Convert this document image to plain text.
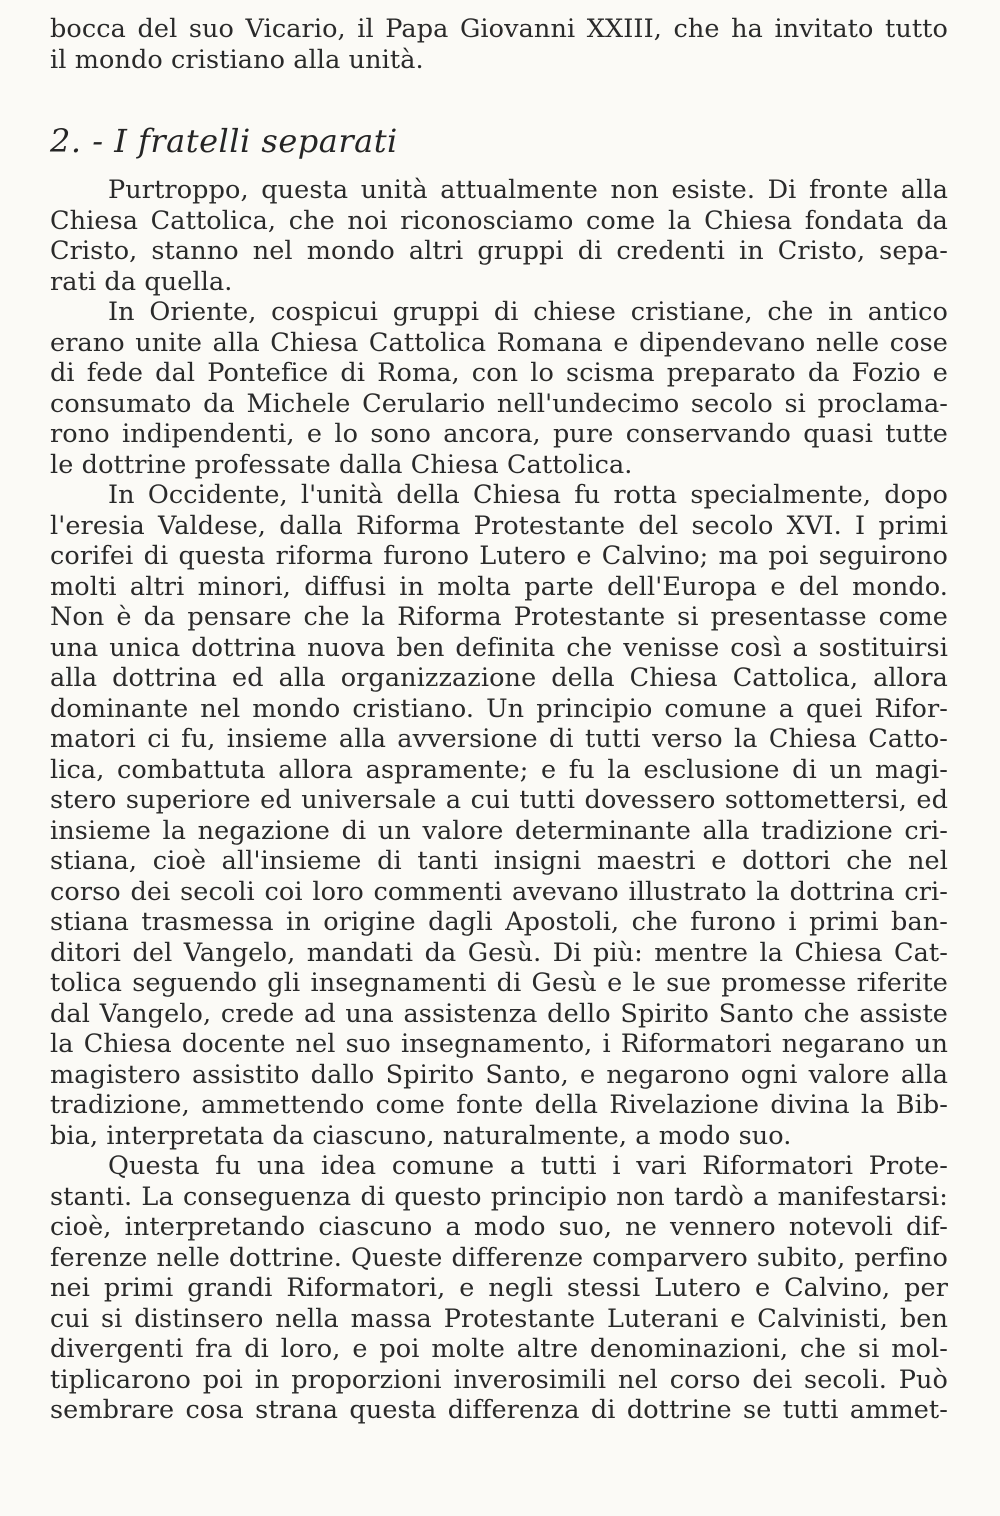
bocca del suo Vicario, il Papa Giovanni XXIII, che ha invitato tutto
il mondo cristiano alla unità.
2. - I fratelli separati
Purtroppo, questa unità attualmente non esiste. Di fronte alla
Chiesa Cattolica, che noi riconosciamo come la Chiesa fondata da
Cristo, stanno nel mondo altri gruppi di credenti in Cristo, sepa-
rati da quella.
In Oriente, cospicui gruppi di chiese cristiane, che in antico
erano unite alla Chiesa Cattolica Romana e dipendevano nelle cose
di fede dal Pontefice di Roma, con lo scisma preparato da Fozio e
consumato da Michele Cerulario nell'undecimo secolo si proclama-
rono indipendenti, e lo sono ancora, pure conservando quasi tutte
le dottrine professate dalla Chiesa Cattolica.
In Occidente, l'unità della Chiesa fu rotta specialmente, dopo
l'eresia Valdese, dalla Riforma Protestante del secolo XVI. I primi
corifei di questa riforma furono Lutero e Calvino; ma poi seguirono
molti altri minori, diffusi in molta parte dell'Europa e del mondo.
Non è da pensare che la Riforma Protestante si presentasse come
una unica dottrina nuova ben definita che venisse così a sostituirsi
alla dottrina ed alla organizzazione della Chiesa Cattolica, allora
dominante nel mondo cristiano. Un principio comune a quei Rifor-
matori ci fu, insieme alla avversione di tutti verso la Chiesa Catto-
lica, combattuta allora aspramente; e fu la esclusione di un magi-
stero superiore ed universale a cui tutti dovessero sottomettersi, ed
insieme la negazione di un valore determinante alla tradizione cri-
stiana, cioè all'insieme di tanti insigni maestri e dottori che nel
corso dei secoli coi loro commenti avevano illustrato la dottrina cri-
stiana trasmessa in origine dagli Apostoli, che furono i primi ban-
ditori del Vangelo, mandati da Gesù. Di più: mentre la Chiesa Cat-
tolica seguendo gli insegnamenti di Gesù e le sue promesse riferite
dal Vangelo, crede ad una assistenza dello Spirito Santo che assiste
la Chiesa docente nel suo insegnamento, i Riformatori negarano un
magistero assistito dallo Spirito Santo, e negarono ogni valore alla
tradizione, ammettendo come fonte della Rivelazione divina la Bib-
bia, interpretata da ciascuno, naturalmente, a modo suo.
Questa fu una idea comune a tutti i vari Riformatori Prote-
stanti. La conseguenza di questo principio non tardò a manifestarsi:
cioè, interpretando ciascuno a modo suo, ne vennero notevoli dif-
ferenze nelle dottrine. Queste differenze comparvero subito, perfino
nei primi grandi Riformatori, e negli stessi Lutero e Calvino, per
cui si distinsero nella massa Protestante Luterani e Calvinisti, ben
divergenti fra di loro, e poi molte altre denominazioni, che si mol-
tiplicarono poi in proporzioni inverosimili nel corso dei secoli. Può
sembrare cosa strana questa differenza di dottrine se tutti ammet-
